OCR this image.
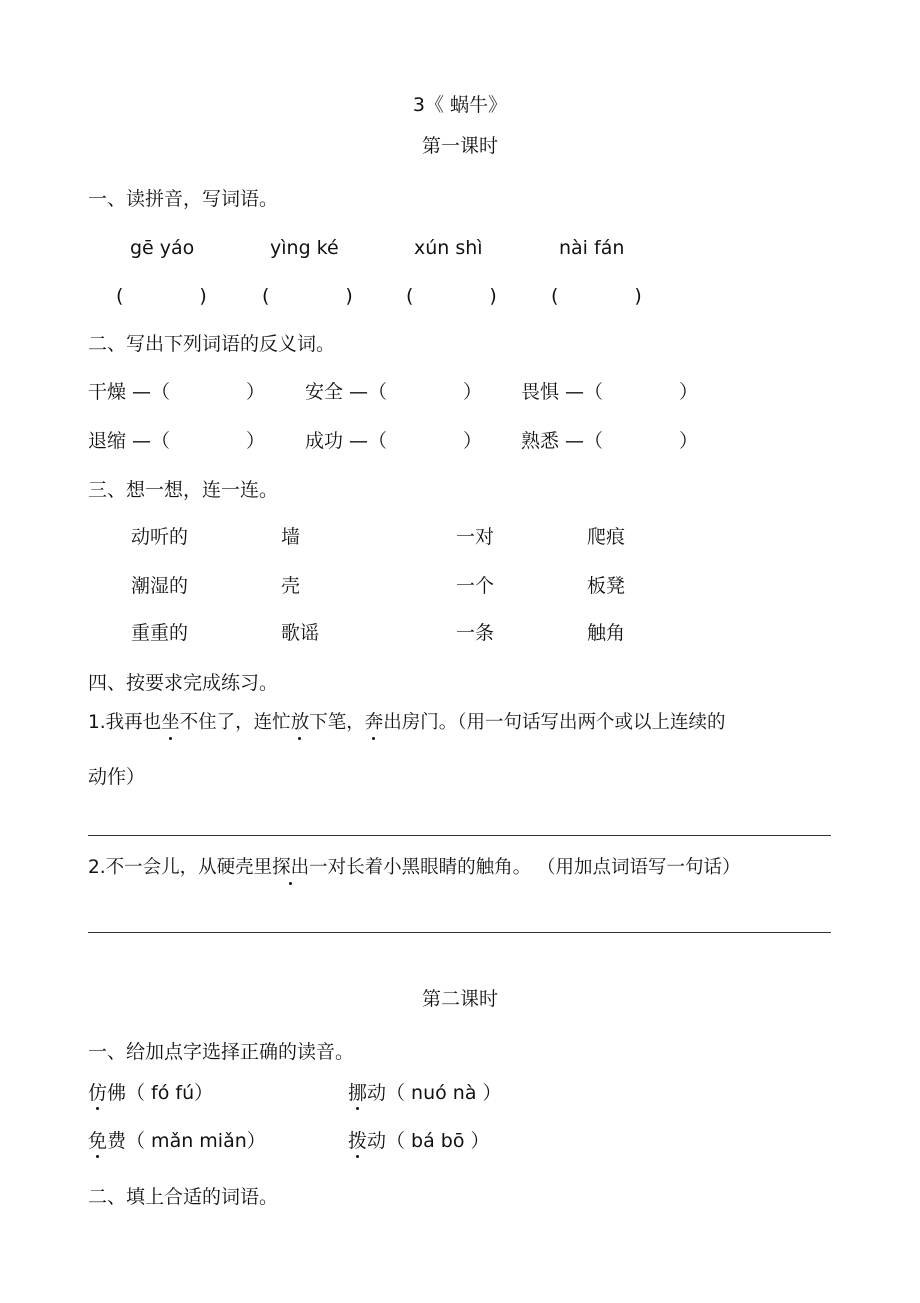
3《 蜗牛》
第一课时
一、读拼音，写词语。
gē yáo	yìng ké	xún shì	nài fán
(　　　　)	(　　　　)	(　　　　)	(　　　　)
二、写出下列词语的反义词。
干燥 —（　　　　） 安全 —（　　　　） 畏惧 —（　　　　）
退缩 —（　　　　） 成功 —（　　　　） 熟悉 —（　　　　）
三、想一想，连一连。
动听的	墙	一对	爬痕
潮湿的	壳	一个	板凳
重重的	歌谣	一条	触角
四、按要求完成练习。
1.我再也坐不住了，连忙放下笔，奔出房门。（用一句话写出两个或以上连续的
动作）
2.不一会儿，从硬壳里探出一对长着小黑眼睛的触角。 （用加点词语写一句话）
第二课时
一、给加点字选择正确的读音。
仿佛（ fó fú）	挪动（ nuó nà ）
免费（ mǎn miǎn）	拨动（ bá bō ）
二、填上合适的词语。
